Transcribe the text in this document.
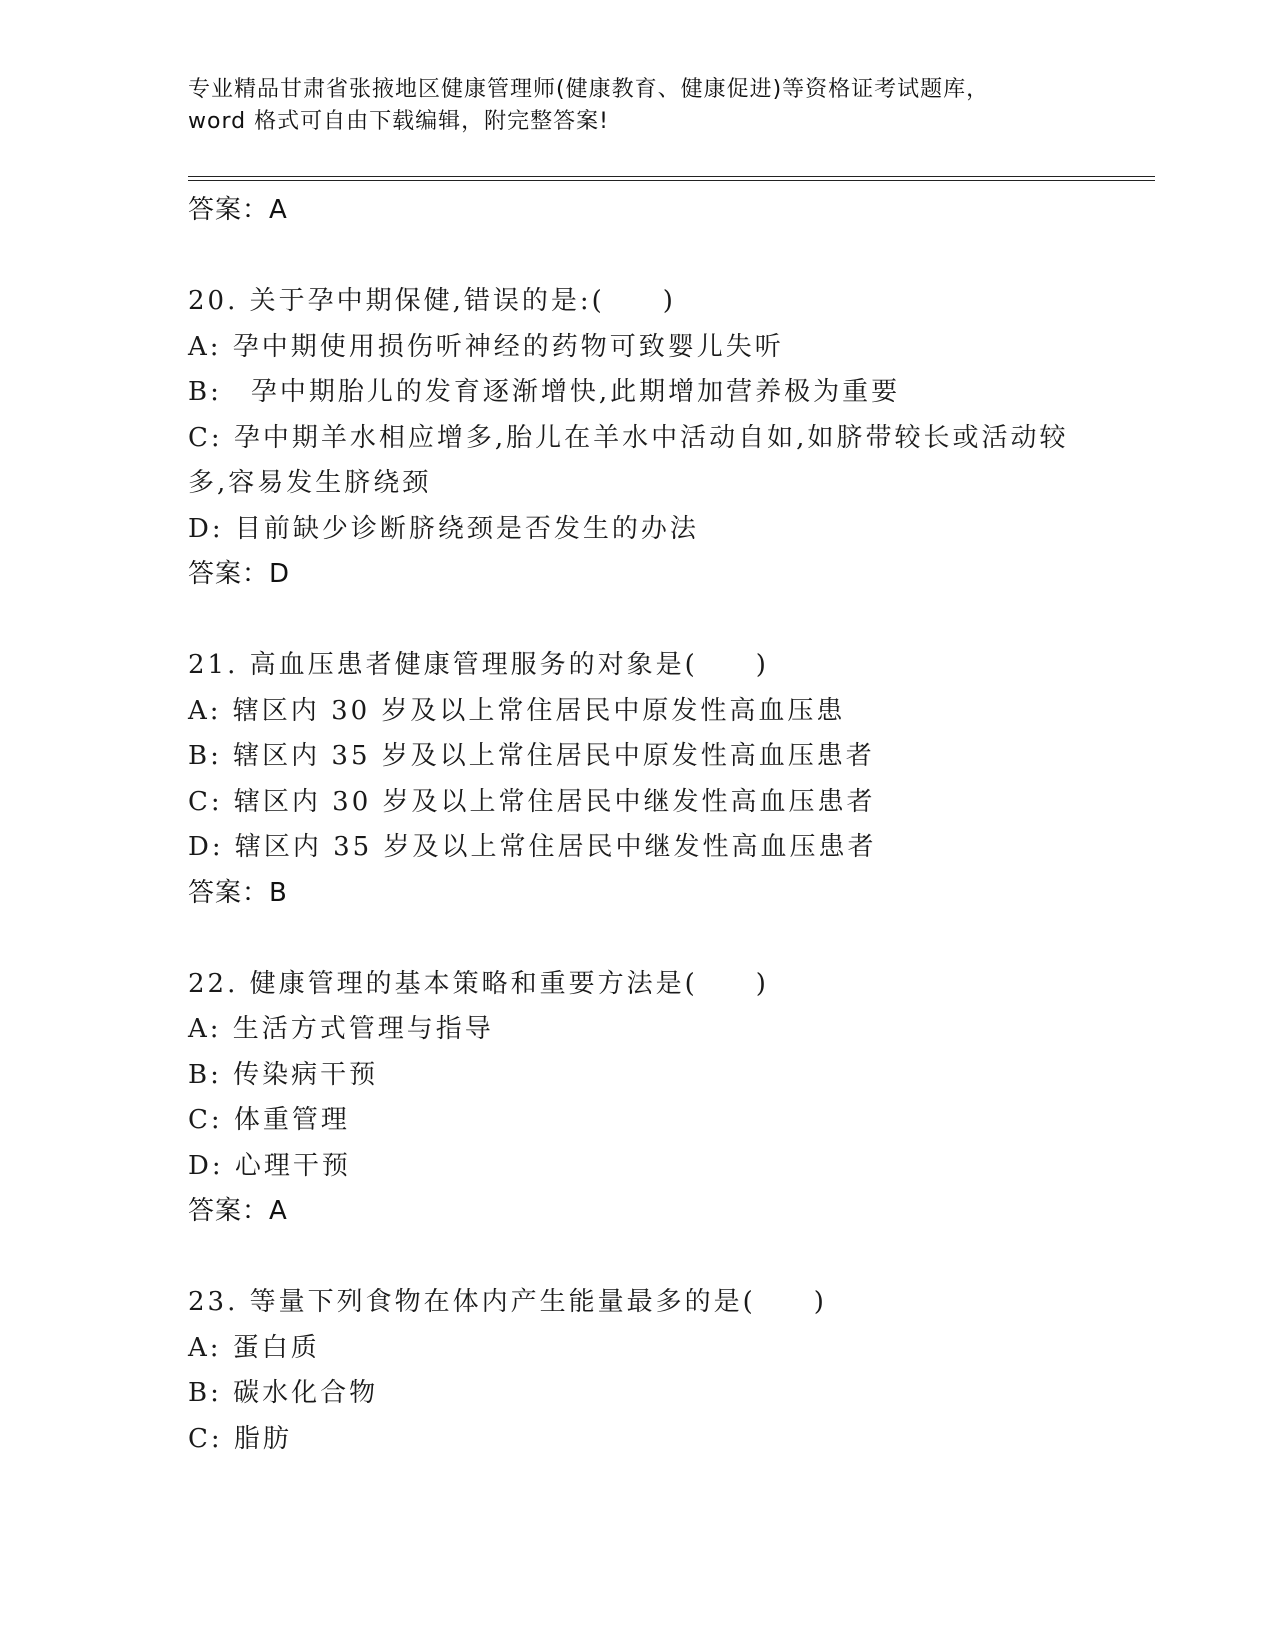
专业精品甘肃省张掖地区健康管理师(健康教育、健康促进)等资格证考试题库，
word 格式可自由下载编辑，附完整答案!
答案：A
20. 关于孕中期保健,错误的是:(　　)
A: 孕中期使用损伤听神经的药物可致婴儿失听
B:　孕中期胎儿的发育逐渐增快,此期增加营养极为重要
C: 孕中期羊水相应增多,胎儿在羊水中活动自如,如脐带较长或活动较
多,容易发生脐绕颈
D: 目前缺少诊断脐绕颈是否发生的办法
答案：D
21. 高血压患者健康管理服务的对象是(　　)
A: 辖区内 30 岁及以上常住居民中原发性高血压患
B: 辖区内 35 岁及以上常住居民中原发性高血压患者
C: 辖区内 30 岁及以上常住居民中继发性高血压患者
D: 辖区内 35 岁及以上常住居民中继发性高血压患者
答案：B
22. 健康管理的基本策略和重要方法是(　　)
A: 生活方式管理与指导
B: 传染病干预
C: 体重管理
D: 心理干预
答案：A
23. 等量下列食物在体内产生能量最多的是(　　)
A: 蛋白质
B: 碳水化合物
C: 脂肪
